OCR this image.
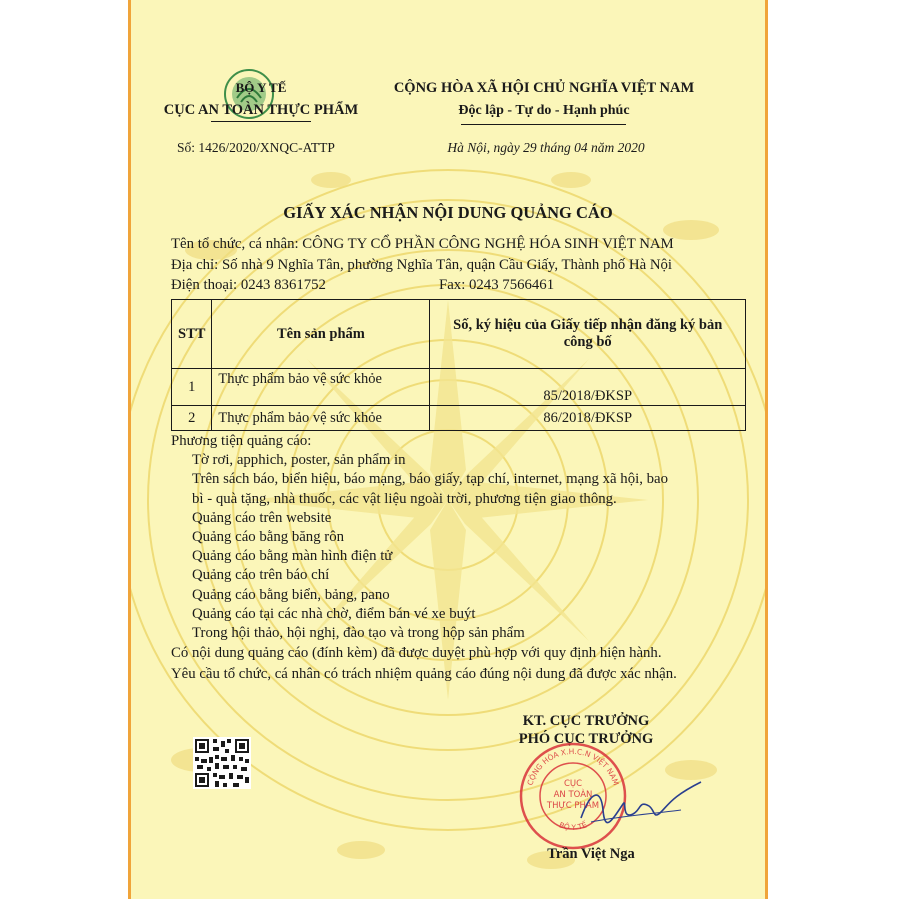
BỘ Y TẾ
CỤC AN TOÀN THỰC PHẨM
Số: 1426/2020/XNQC-ATTP
CỘNG HÒA XÃ HỘI CHỦ NGHĨA VIỆT NAM
Độc lập - Tự do - Hạnh phúc
Hà Nội, ngày 29 tháng 04 năm 2020
GIẤY XÁC NHẬN NỘI DUNG QUẢNG CÁO
Tên tổ chức, cá nhân: CÔNG TY CỔ PHẦN CÔNG NGHỆ HÓA SINH VIỆT NAM
Địa chỉ: Số nhà 9 Nghĩa Tân, phường Nghĩa Tân, quận Cầu Giấy, Thành phố Hà Nội
Điện thoại: 0243 8361752	Fax: 0243 7566461
STT	Tên sản phẩm	Số, ký hiệu của Giấy tiếp nhận đăng ký bản công bố
1	Thực phẩm bảo vệ sức khỏe	85/2018/ĐKSP
2	Thực phẩm bảo vệ sức khỏe	86/2018/ĐKSP
Phương tiện quảng cáo:
Tờ rơi, apphich, poster, sản phẩm in
Trên sách báo, biển hiệu, báo mạng, báo giấy, tạp chí, internet, mạng xã hội, bao
bì - quà tặng, nhà thuốc, các vật liệu ngoài trời, phương tiện giao thông.
Quảng cáo trên website
Quảng cáo bằng băng rôn
Quảng cáo bằng màn hình điện tử
Quảng cáo trên báo chí
Quảng cáo bằng biển, bảng, pano
Quảng cáo tại các nhà chờ, điểm bán vé xe buýt
Trong hội thảo, hội nghị, đào tạo và trong hộp sản phẩm
Có nội dung quảng cáo (đính kèm) đã được duyệt phù hợp với quy định hiện hành.
Yêu cầu tổ chức, cá nhân có trách nhiệm quảng cáo đúng nội dung đã được xác nhận.
KT. CỤC TRƯỞNG
PHÓ CỤC TRƯỞNG
CỘNG HÒA X.H.C.N VIỆT NAM
BỘ Y TẾ
CỤC
AN TOÀN
THỰC PHẨM
Trần Việt Nga
